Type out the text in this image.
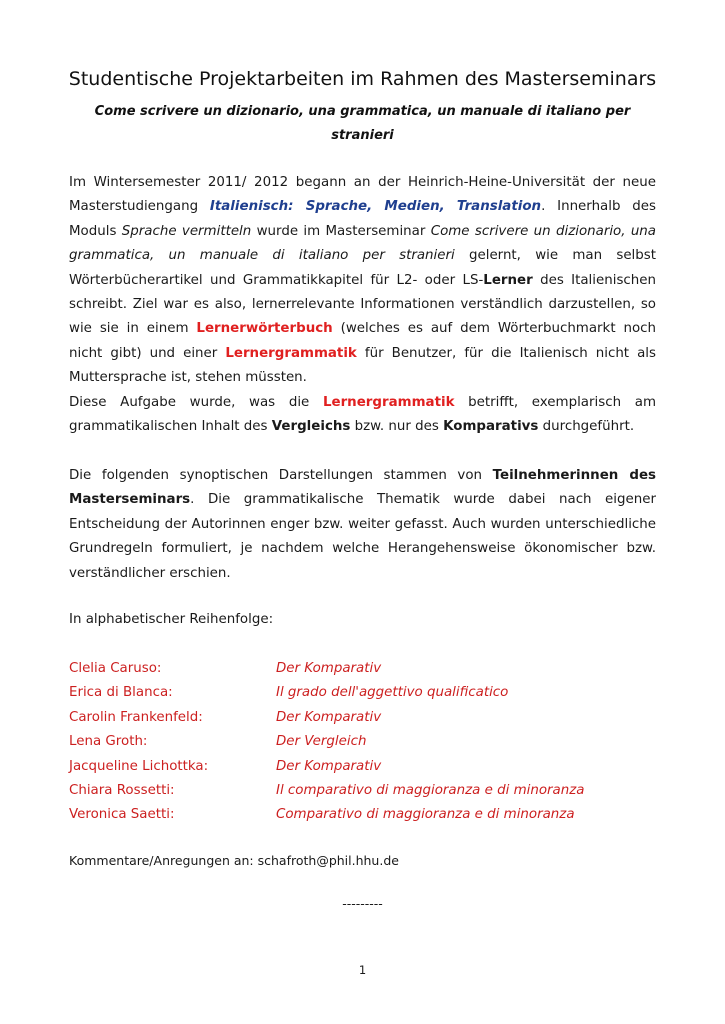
Studentische Projektarbeiten im Rahmen des Masterseminars
Come scrivere un dizionario, una grammatica, un manuale di italiano per stranieri

Im Wintersemester 2011/ 2012 begann an der Heinrich-Heine-Universität der neue Masterstudiengang Italienisch: Sprache, Medien, Translation. Innerhalb des Moduls Sprache vermitteln wurde im Masterseminar Come scrivere un dizionario, una grammatica, un manuale di italiano per stranieri gelernt, wie man selbst Wörterbücherartikel und Grammatikkapitel für L2- oder LS-Lerner des Italienischen schreibt. Ziel war es also, lernerrelevante Informationen verständlich darzustellen, so wie sie in einem Lernerwörterbuch (welches es auf dem Wörterbuchmarkt noch nicht gibt) und einer Lernergrammatik für Benutzer, für die Italienisch nicht als Muttersprache ist, stehen müssten.

Diese Aufgabe wurde, was die Lernergrammatik betrifft, exemplarisch am grammatikalischen Inhalt des Vergleichs bzw. nur des Komparativs durchgeführt.

Die folgenden synoptischen Darstellungen stammen von Teilnehmerinnen des Masterseminars. Die grammatikalische Thematik wurde dabei nach eigener Entscheidung der Autorinnen enger bzw. weiter gefasst. Auch wurden unterschiedliche Grundregeln formuliert, je nachdem welche Herangehensweise ökonomischer bzw. verständlicher erschien.

In alphabetischer Reihenfolge:
Clelia Caruso:	Der Komparativ
Erica di Blanca:	Il grado dell'aggettivo qualificatico
Carolin Frankenfeld:	Der Komparativ
Lena Groth:	Der Vergleich
Jacqueline Lichottka:	Der Komparativ
Chiara Rossetti:	Il comparativo di maggioranza e di minoranza
Veronica Saetti:	Comparativo di maggioranza e di minoranza
Kommentare/Anregungen an: schafroth@phil.hhu.de
---------
1
